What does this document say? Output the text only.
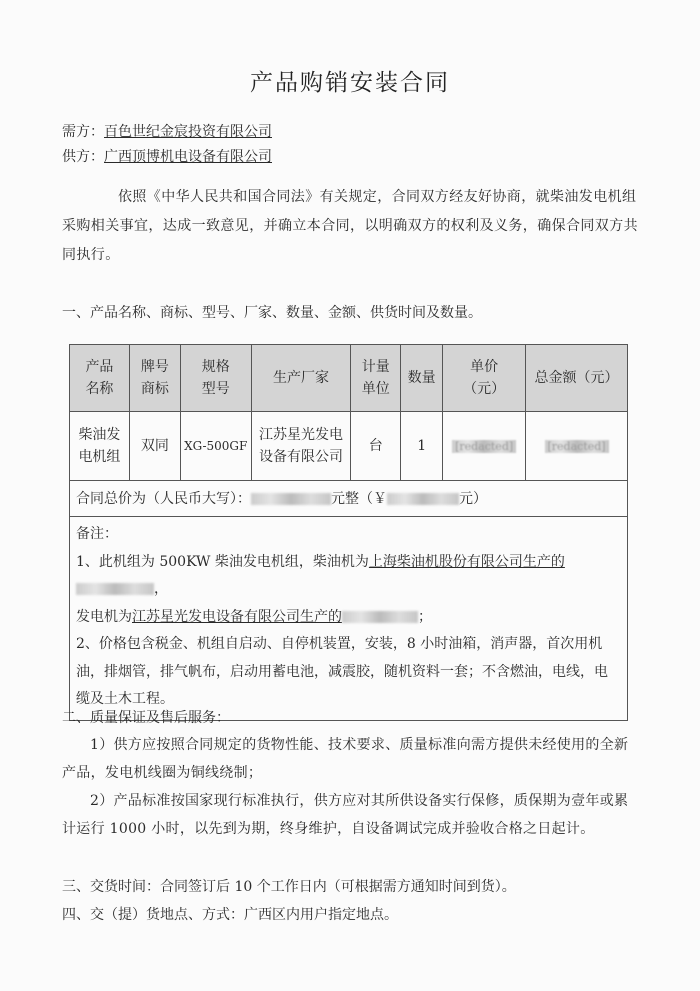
产品购销安装合同
需方：百色世纪金宸投资有限公司
供方：广西顶博机电设备有限公司
依照《中华人民共和国合同法》有关规定，合同双方经友好协商，就柴油发电机组采购相关事宜，达成一致意见，并确立本合同，以明确双方的权利及义务，确保合同双方共同执行。
一、产品名称、商标、型号、厂家、数量、金额、供货时间及数量。
产品名称	牌号商标	规格型号	生产厂家	计量单位	数量	单价（元）	总金额（元）
柴油发电机组	双同	XG-500GF	江苏星光发电设备有限公司	台	1	[redacted]	[redacted]
合同总价为（人民币大写）： 元整（￥ 元）							

备注：
1、此机组为 500KW 柴油发电机组，柴油机为上海柴油机股份有限公司生产的，
发电机为江苏星光发电设备有限公司生产的 ；
2、价格包含税金、机组自启动、自停机装置，安装，8 小时油箱，消声器，首次用机油，排烟管，排气帆布，启动用蓄电池，减震胶，随机资料一套；不含燃油，电线，电缆及土木工程。							
二、质量保证及售后服务：
1）供方应按照合同规定的货物性能、技术要求、质量标准向需方提供未经使用的全新产品，发电机线圈为铜线绕制；
2）产品标准按国家现行标准执行，供方应对其所供设备实行保修，质保期为壹年或累计运行 1000 小时，以先到为期，终身维护，自设备调试完成并验收合格之日起计。
三、交货时间：合同签订后 10 个工作日内（可根据需方通知时间到货）。
四、交（提）货地点、方式：广西区内用户指定地点。
